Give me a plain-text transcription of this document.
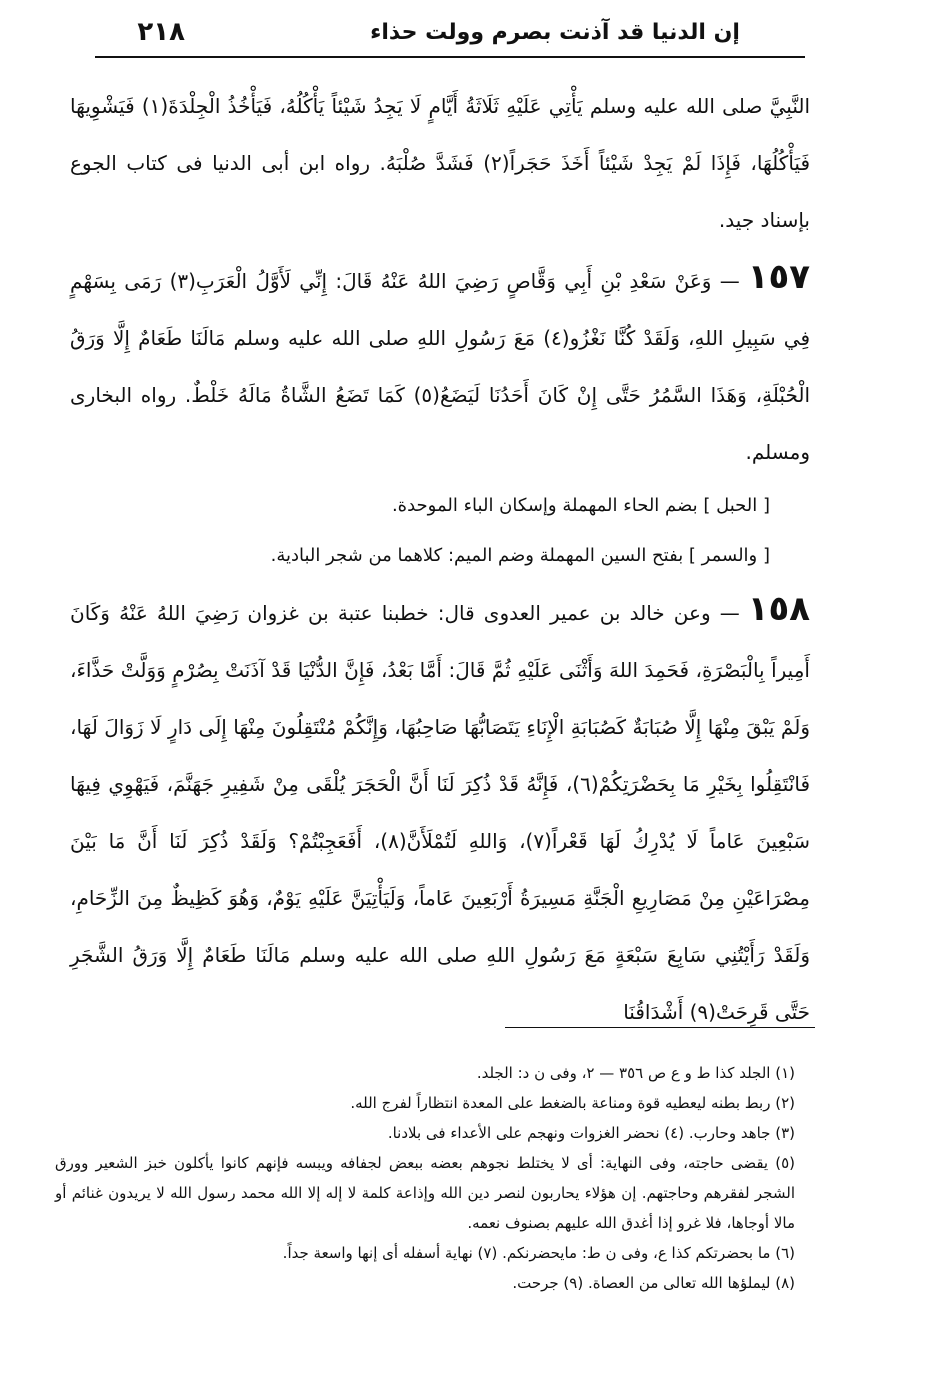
٢١٨	إن الدنيا قد آذنت بصرم وولت حذاء

النَّبِيَّ صلى الله عليه وسلم يَأْتِي عَلَيْهِ ثَلَاثَةُ أَيَّامٍ لَا يَجِدُ شَيْئاً يَأْكُلُهُ، فَيَأْخُذُ الْجِلْدَةَ(١) فَيَشْوِيهَا فَيَأْكُلُهَا، فَإِذَا لَمْ يَجِدْ شَيْئاً أَخَذَ حَجَراً(٢) فَشَدَّ صُلْبَهُ. رواه ابن أبى الدنيا فى كتاب الجوع بإسناد جيد.

١٥٧— وَعَنْ سَعْدِ بْنِ أَبِي وَقَّاصٍ رَضِيَ اللهُ عَنْهُ قَالَ: إِنِّي لَأَوَّلُ الْعَرَبِ(٣) رَمَى بِسَهْمٍ فِي سَبِيلِ اللهِ، وَلَقَدْ كُنَّا نَغْزُو(٤) مَعَ رَسُولِ اللهِ صلى الله عليه وسلم مَالَنَا طَعَامٌ إِلَّا وَرَقُ الْحُبْلَةِ، وَهَذَا السَّمُرُ حَتَّى إِنْ كَانَ أَحَدُنَا لَيَضَعُ(٥) كَمَا تَضَعُ الشَّاةُ مَالَهُ خَلْطٌ. رواه البخارى ومسلم.

[ الحبل ] بضم الحاء المهملة وإسكان الباء الموحدة.

[ والسمر ] بفتح السين المهملة وضم الميم: كلاهما من شجر البادية.

١٥٨— وعن خالد بن عمير العدوى قال: خطبنا عتبة بن غزوان رَضِيَ اللهُ عَنْهُ وَكَانَ أَمِيراً بِالْبَصْرَةِ، فَحَمِدَ اللهَ وَأَثْنَى عَلَيْهِ ثُمَّ قَالَ: أَمَّا بَعْدُ، فَإِنَّ الدُّنْيَا قَدْ آذَنَتْ بِصُرْمٍ وَوَلَّتْ حَذَّاءَ، وَلَمْ يَبْقَ مِنْهَا إِلَّا صُبَابَةٌ كَصُبَابَةِ الْإِنَاءِ يَتَصَابُّهَا صَاحِبُهَا، وَإِنَّكُمْ مُنْتَقِلُونَ مِنْهَا إِلَى دَارٍ لَا زَوَالَ لَهَا، فَانْتَقِلُوا بِخَيْرِ مَا بِحَضْرَتِكُمْ(٦)، فَإِنَّهُ قَدْ ذُكِرَ لَنَا أَنَّ الْحَجَرَ يُلْقَى مِنْ شَفِيرِ جَهَنَّمَ، فَيَهْوِي فِيهَا سَبْعِينَ عَاماً لَا يُدْرِكُ لَهَا قَعْراً(٧)، وَاللهِ لَتُمْلَأَنَّ(٨)، أَفَعَجِبْتُمْ؟ وَلَقَدْ ذُكِرَ لَنَا أَنَّ مَا بَيْنَ مِصْرَاعَيْنِ مِنْ مَصَارِيعِ الْجَنَّةِ مَسِيرَةُ أَرْبَعِينَ عَاماً، وَلَيَأْتِيَنَّ عَلَيْهِ يَوْمٌ، وَهُوَ كَظِيظٌ مِنَ الزِّحَامِ، وَلَقَدْ رَأَيْتُنِي سَابِعَ سَبْعَةٍ مَعَ رَسُولِ اللهِ صلى الله عليه وسلم مَالَنَا طَعَامٌ إِلَّا وَرَقُ الشَّجَرِ حَتَّى قَرِحَتْ(٩) أَشْدَاقُنَا

(١) الجلد كذا ط و ع ص ٣٥٦ — ٢، وفى ن د: الجلد.

(٢) ربط بطنه ليعطيه قوة ومناعة بالضغط على المعدة انتظاراً لفرج الله.

(٣) جاهد وحارب. (٤) نحضر الغزوات ونهجم على الأعداء فى بلادنا.

(٥) يقضى حاجته، وفى النهاية: أى لا يختلط نجوهم بعضه ببعض لجفافه ويبسه فإنهم كانوا يأكلون خبز الشعير وورق الشجر لفقرهم وحاجتهم. إن هؤلاء يحاربون لنصر دين الله وإذاعة كلمة لا إله إلا الله محمد رسول الله لا يريدون غنائم أو مالا أوجاها، فلا غرو إذا أغدق الله عليهم بصنوف نعمه.

(٦) ما بحضرتكم كذا ع، وفى ن ط: مايحضرنكم. (٧) نهاية أسفله أى إنها واسعة جداً.

(٨) ليملؤها الله تعالى من العصاة. (٩) جرحت.
